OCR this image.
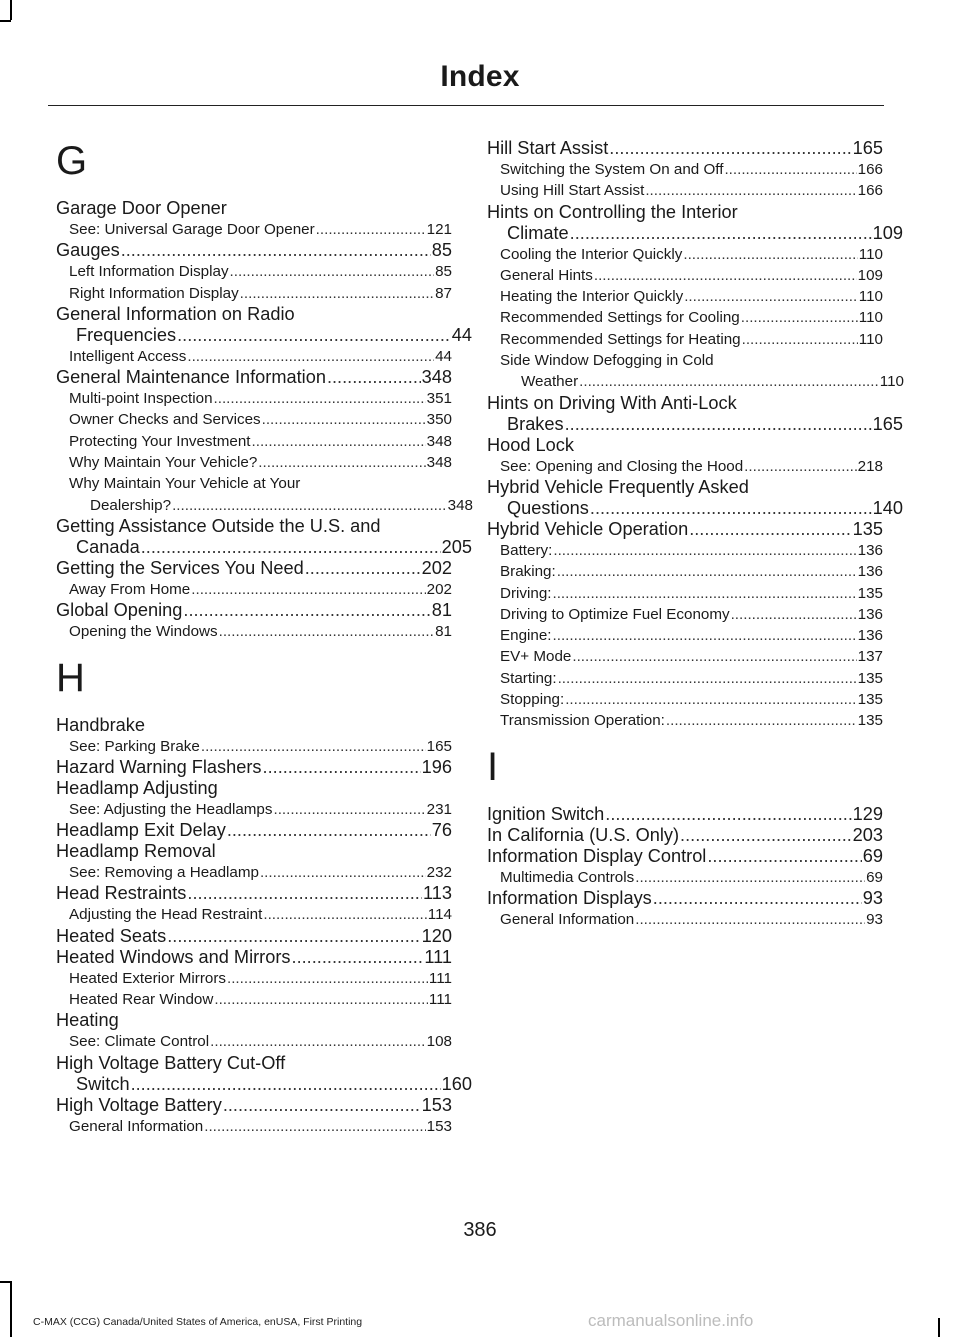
Index
G
Garage Door Opener
See: Universal Garage Door Opener .....	121
Gauges .....	85
Left Information Display .....	85
Right Information Display .....	87
General Information on Radio
Frequencies .....	44
Intelligent Access .....	44
General Maintenance Information .....	348
Multi-point Inspection .....	351
Owner Checks and Services .....	350
Protecting Your Investment .....	348
Why Maintain Your Vehicle? .....	348
Why Maintain Your Vehicle at Your
Dealership? .....	348
Getting Assistance Outside the U.S. and
Canada .....	205
Getting the Services You Need .....	202
Away From Home .....	202
Global Opening .....	81
Opening the Windows .....	81
H
Handbrake
See: Parking Brake .....	165
Hazard Warning Flashers .....	196
Headlamp Adjusting
See: Adjusting the Headlamps .....	231
Headlamp Exit Delay .....	76
Headlamp Removal
See: Removing a Headlamp .....	232
Head Restraints .....	113
Adjusting the Head Restraint .....	114
Heated Seats .....	120
Heated Windows and Mirrors .....	111
Heated Exterior Mirrors .....	111
Heated Rear Window .....	111
Heating
See: Climate Control .....	108
High Voltage Battery Cut-Off
Switch .....	160
High Voltage Battery .....	153
General Information .....	153
Hill Start Assist .....	165
Switching the System On and Off .....	166
Using Hill Start Assist .....	166
Hints on Controlling the Interior
Climate .....	109
Cooling the Interior Quickly .....	110
General Hints .....	109
Heating the Interior Quickly .....	110
Recommended Settings for Cooling .....	110
Recommended Settings for Heating .....	110
Side Window Defogging in Cold
Weather .....	110
Hints on Driving With Anti-Lock
Brakes .....	165
Hood Lock
See: Opening and Closing the Hood .....	218
Hybrid Vehicle Frequently Asked
Questions .....	140
Hybrid Vehicle Operation .....	135
Battery: .....	136
Braking: .....	136
Driving: .....	135
Driving to Optimize Fuel Economy .....	136
Engine: .....	136
EV+ Mode .....	137
Starting: .....	135
Stopping: .....	135
Transmission Operation: .....	135
I
Ignition Switch .....	129
In California (U.S. Only) .....	203
Information Display Control .....	69
Multimedia Controls .....	69
Information Displays .....	93
General Information .....	93
386
C-MAX (CCG) Canada/United States of America, enUSA, First Printing	carmanualsonline.info
